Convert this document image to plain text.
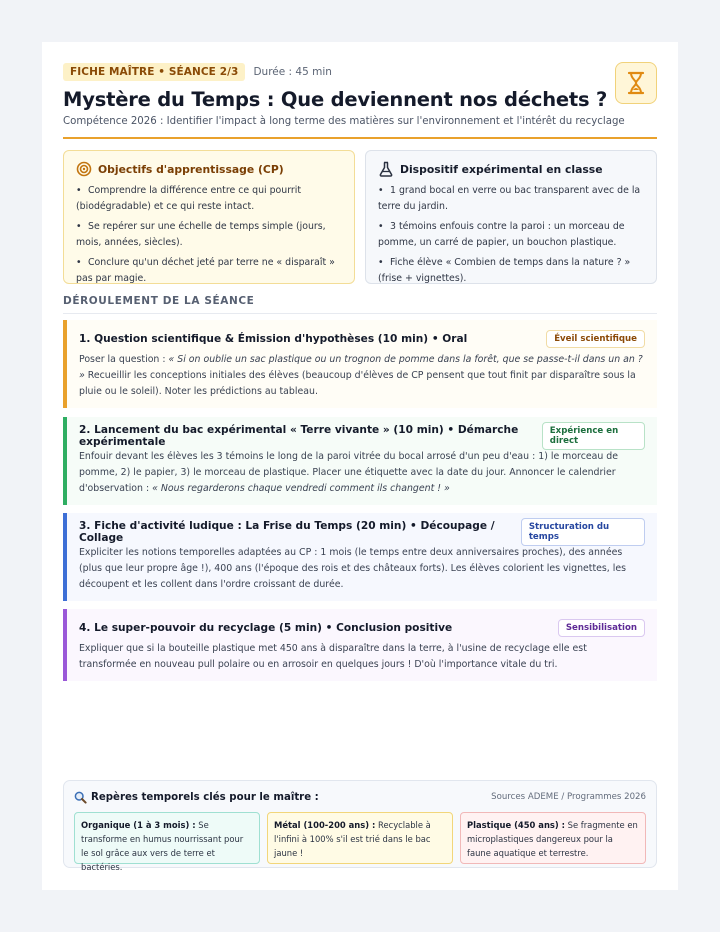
FICHE MAÎTRE • SÉANCE 2/3	Durée : 45 min
Mystère du Temps : Que deviennent nos déchets ?
Compétence 2026 : Identifier l'impact à long terme des matières sur l'environnement et l'intérêt du recyclage
Objectifs d'apprentissage (CP)
• Comprendre la différence entre ce qui pourrit (biodégradable) et ce qui reste intact.
• Se repérer sur une échelle de temps simple (jours, mois, années, siècles).
• Conclure qu'un déchet jeté par terre ne « disparaît » pas par magie.
Dispositif expérimental en classe
• 1 grand bocal en verre ou bac transparent avec de la terre du jardin.
• 3 témoins enfouis contre la paroi : un morceau de pomme, un carré de papier, un bouchon plastique.
• Fiche élève « Combien de temps dans la nature ? » (frise + vignettes).
DÉROULEMENT DE LA SÉANCE
1. Question scientifique & Émission d'hypothèses (10 min) • Oral	Éveil scientifique
Poser la question : « Si on oublie un sac plastique ou un trognon de pomme dans la forêt, que se passe-t-il dans un an ? » Recueillir les conceptions initiales des élèves (beaucoup d'élèves de CP pensent que tout finit par disparaître sous la pluie ou le soleil). Noter les prédictions au tableau.
2. Lancement du bac expérimental « Terre vivante » (10 min) • Démarche expérimentale
Expérience en direct
Enfouir devant les élèves les 3 témoins le long de la paroi vitrée du bocal arrosé d'un peu d'eau : 1) le morceau de pomme, 2) le papier, 3) le morceau de plastique. Placer une étiquette avec la date du jour. Annoncer le calendrier d'observation : « Nous regarderons chaque vendredi comment ils changent ! »
3. Fiche d'activité ludique : La Frise du Temps (20 min) • Découpage / Collage
Structuration du temps
Expliciter les notions temporelles adaptées au CP : 1 mois (le temps entre deux anniversaires proches), des années (plus que leur propre âge !), 400 ans (l'époque des rois et des châteaux forts). Les élèves colorient les vignettes, les découpent et les collent dans l'ordre croissant de durée.
4. Le super-pouvoir du recyclage (5 min) • Conclusion positive	Sensibilisation
Expliquer que si la bouteille plastique met 450 ans à disparaître dans la terre, à l'usine de recyclage elle est transformée en nouveau pull polaire ou en arrosoir en quelques jours ! D'où l'importance vitale du tri.
Repères temporels clés pour le maître :	Sources ADEME / Programmes 2026
Organique (1 à 3 mois) : Se transforme en humus nourrissant pour le sol grâce aux vers de terre et bactéries.
Métal (100-200 ans) : Recyclable à l'infini à 100% s'il est trié dans le bac jaune !
Plastique (450 ans) : Se fragmente en microplastiques dangereux pour la faune aquatique et terrestre.
